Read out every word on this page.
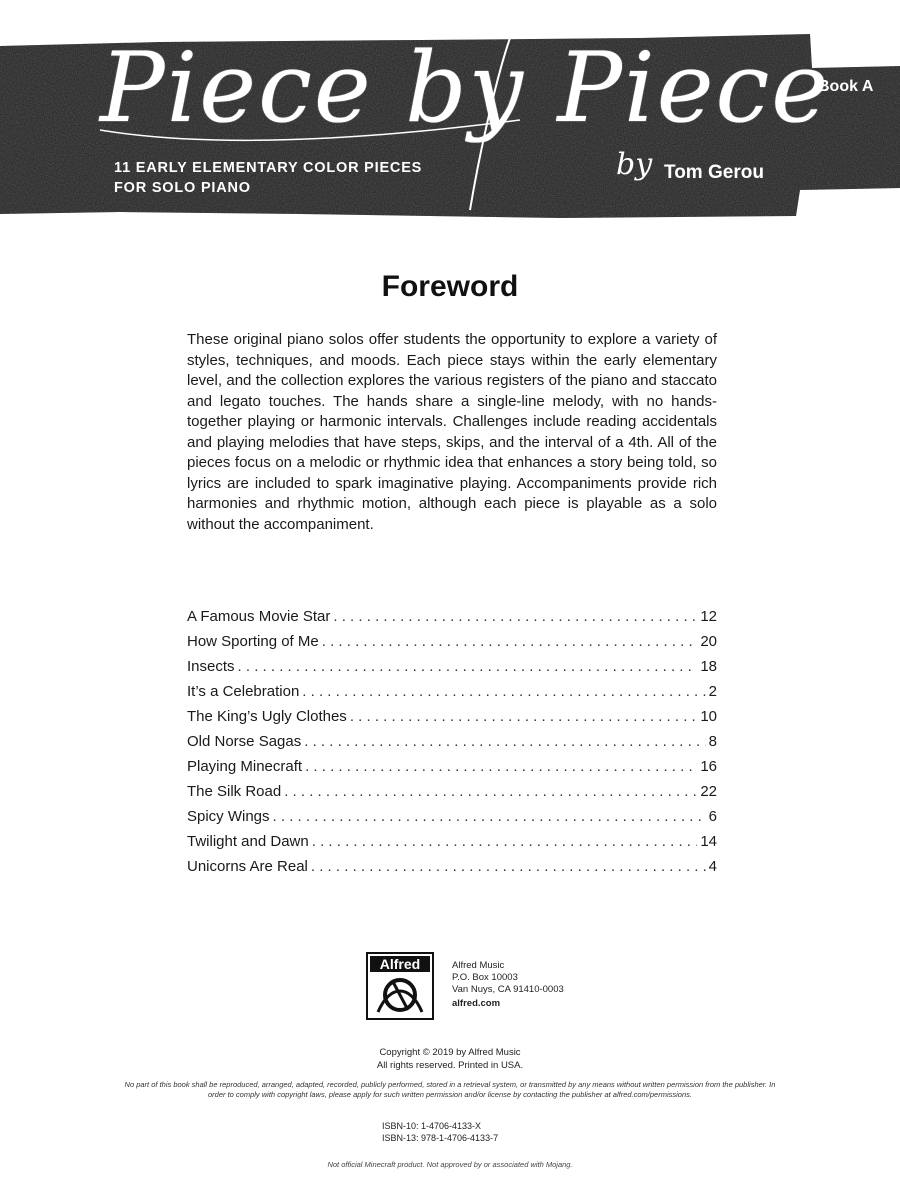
Piece by Piece
11 EARLY ELEMENTARY COLOR PIECES
FOR SOLO PIANO
by Tom Gerou
Book A
Foreword
These original piano solos offer students the opportunity to explore a variety of styles, techniques, and moods. Each piece stays within the early elementary level, and the collection explores the various registers of the piano and staccato and legato touches. The hands share a single-line melody, with no hands-together playing or harmonic intervals. Challenges include reading accidentals and playing melodies that have steps, skips, and the interval of a 4th. All of the pieces focus on a melodic or rhythmic idea that enhances a story being told, so lyrics are included to spark imaginative playing. Accompaniments provide rich harmonies and rhythmic motion, although each piece is playable as a solo without the accompaniment.
A Famous Movie Star . . .	12
How Sporting of Me . . .	20
Insects . . .	18
It’s a Celebration . . .	2
The King’s Ugly Clothes . . .	10
Old Norse Sagas . . .	8
Playing Minecraft . . .	16
The Silk Road . . .	22
Spicy Wings . . .	6
Twilight and Dawn . . .	14
Unicorns Are Real . . .	4
Alfred	Alfred Music
P.O. Box 10003
Van Nuys, CA 91410-0003
alfred.com
Copyright © 2019 by Alfred Music
All rights reserved. Printed in USA.
No part of this book shall be reproduced, arranged, adapted, recorded, publicly performed, stored in a retrieval system, or transmitted by any means without written permission from the publisher. In order to comply with copyright laws, please apply for such written permission and/or license by contacting the publisher at alfred.com/permissions.
ISBN-10: 1-4706-4133-X
ISBN-13: 978-1-4706-4133-7
Not official Minecraft product. Not approved by or associated with Mojang.
